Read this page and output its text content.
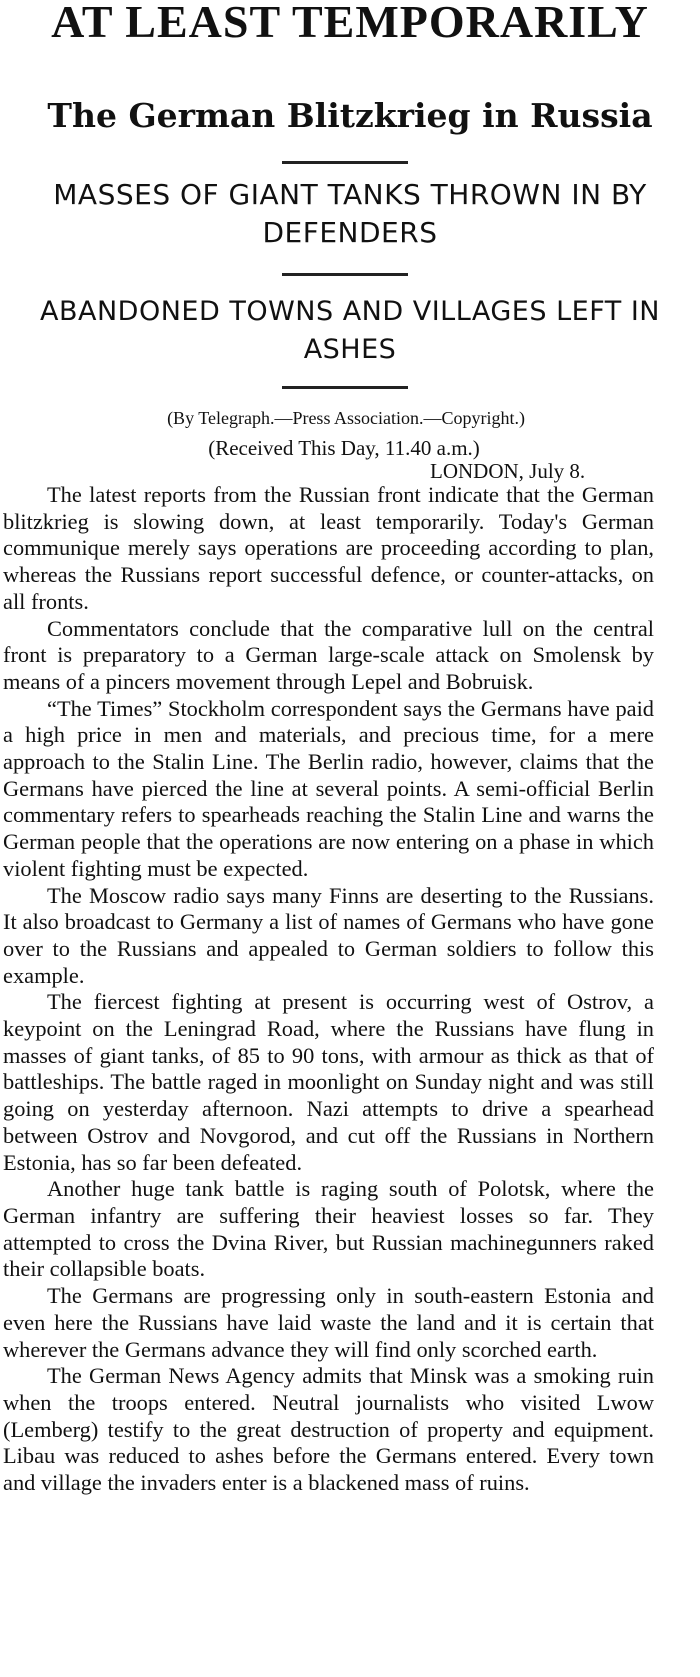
AT LEAST TEMPORARILY
The German Blitzkrieg in Russia
MASSES OF GIANT TANKS THROWN IN BY DEFENDERS
ABANDONED TOWNS AND VILLAGES LEFT IN ASHES
(By Telegraph.—Press Association.—Copyright.)
(Received This Day, 11.40 a.m.)
LONDON, July 8.

The latest reports from the Russian front indicate that the German blitzkrieg is slowing down, at least temporarily. Today's German communique merely says operations are proceeding according to plan, whereas the Russians report successful defence, or counter-attacks, on all fronts.

Commentators conclude that the comparative lull on the central front is preparatory to a German large-scale attack on Smolensk by means of a pincers movement through Lepel and Bobruisk.

“The Times” Stockholm correspondent says the Germans have paid a high price in men and materials, and precious time, for a mere approach to the Stalin Line. The Berlin radio, however, claims that the Germans have pierced the line at several points. A semi-official Berlin commentary refers to spearheads reaching the Stalin Line and warns the German people that the operations are now entering on a phase in which violent fighting must be expected.

The Moscow radio says many Finns are deserting to the Russians. It also broadcast to Germany a list of names of Germans who have gone over to the Russians and appealed to German soldiers to follow this example.

The fiercest fighting at present is occurring west of Ostrov, a keypoint on the Leningrad Road, where the Russians have flung in masses of giant tanks, of 85 to 90 tons, with armour as thick as that of battleships. The battle raged in moonlight on Sunday night and was still going on yesterday afternoon. Nazi attempts to drive a spearhead between Ostrov and Novgorod, and cut off the Russians in Northern Estonia, has so far been defeated.

Another huge tank battle is raging south of Polotsk, where the German infantry are suffering their heaviest losses so far. They attempted to cross the Dvina River, but Russian machinegunners raked their collapsible boats.

The Germans are progressing only in south-eastern Estonia and even here the Russians have laid waste the land and it is certain that wherever the Germans advance they will find only scorched earth.

The German News Agency admits that Minsk was a smoking ruin when the troops entered. Neutral journalists who visited Lwow (Lemberg) testify to the great destruction of property and equipment. Libau was reduced to ashes before the Germans entered. Every town and village the invaders enter is a blackened mass of ruins.
